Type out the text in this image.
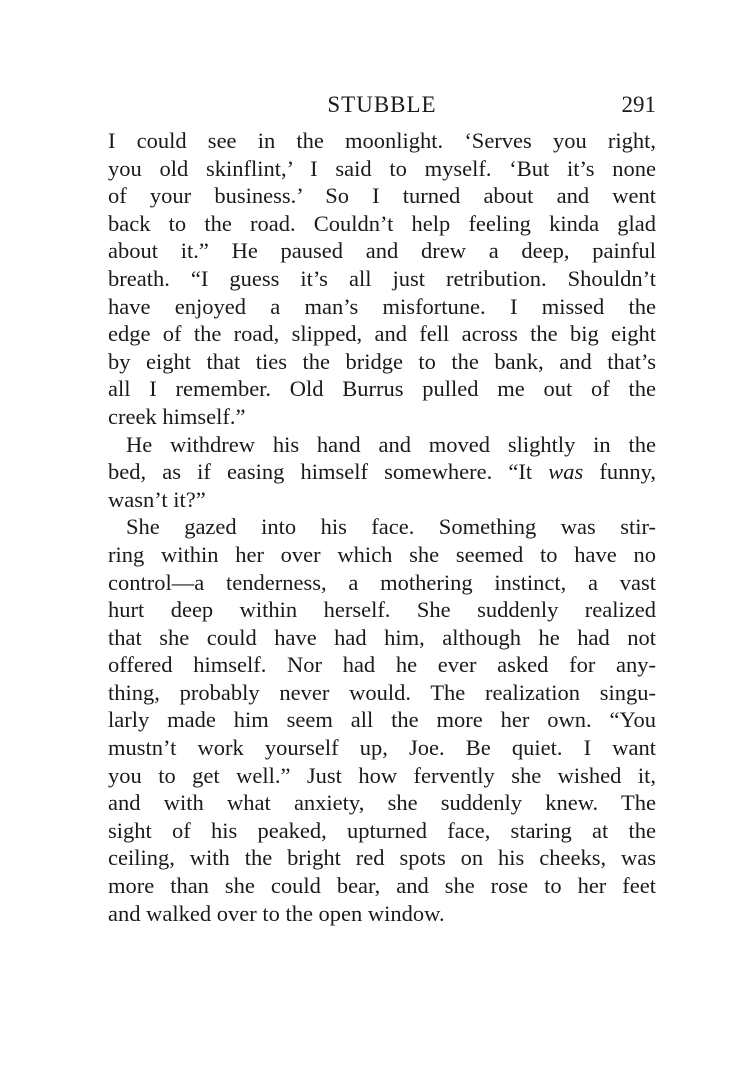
STUBBLE	291
I could see in the moonlight. ‘Serves you right,
you old skinflint,’ I said to myself. ‘But it’s none
of your business.’ So I turned about and went
back to the road. Couldn’t help feeling kinda glad
about it.” He paused and drew a deep, painful
breath. “I guess it’s all just retribution. Shouldn’t
have enjoyed a man’s misfortune. I missed the
edge of the road, slipped, and fell across the big eight
by eight that ties the bridge to the bank, and that’s
all I remember. Old Burrus pulled me out of the
creek himself.”
He withdrew his hand and moved slightly in the
bed, as if easing himself somewhere. “It was funny,
wasn’t it?”
She gazed into his face. Something was stir-
ring within her over which she seemed to have no
control—a tenderness, a mothering instinct, a vast
hurt deep within herself. She suddenly realized
that she could have had him, although he had not
offered himself. Nor had he ever asked for any-
thing, probably never would. The realization singu-
larly made him seem all the more her own. “You
mustn’t work yourself up, Joe. Be quiet. I want
you to get well.” Just how fervently she wished it,
and with what anxiety, she suddenly knew. The
sight of his peaked, upturned face, staring at the
ceiling, with the bright red spots on his cheeks, was
more than she could bear, and she rose to her feet
and walked over to the open window.
